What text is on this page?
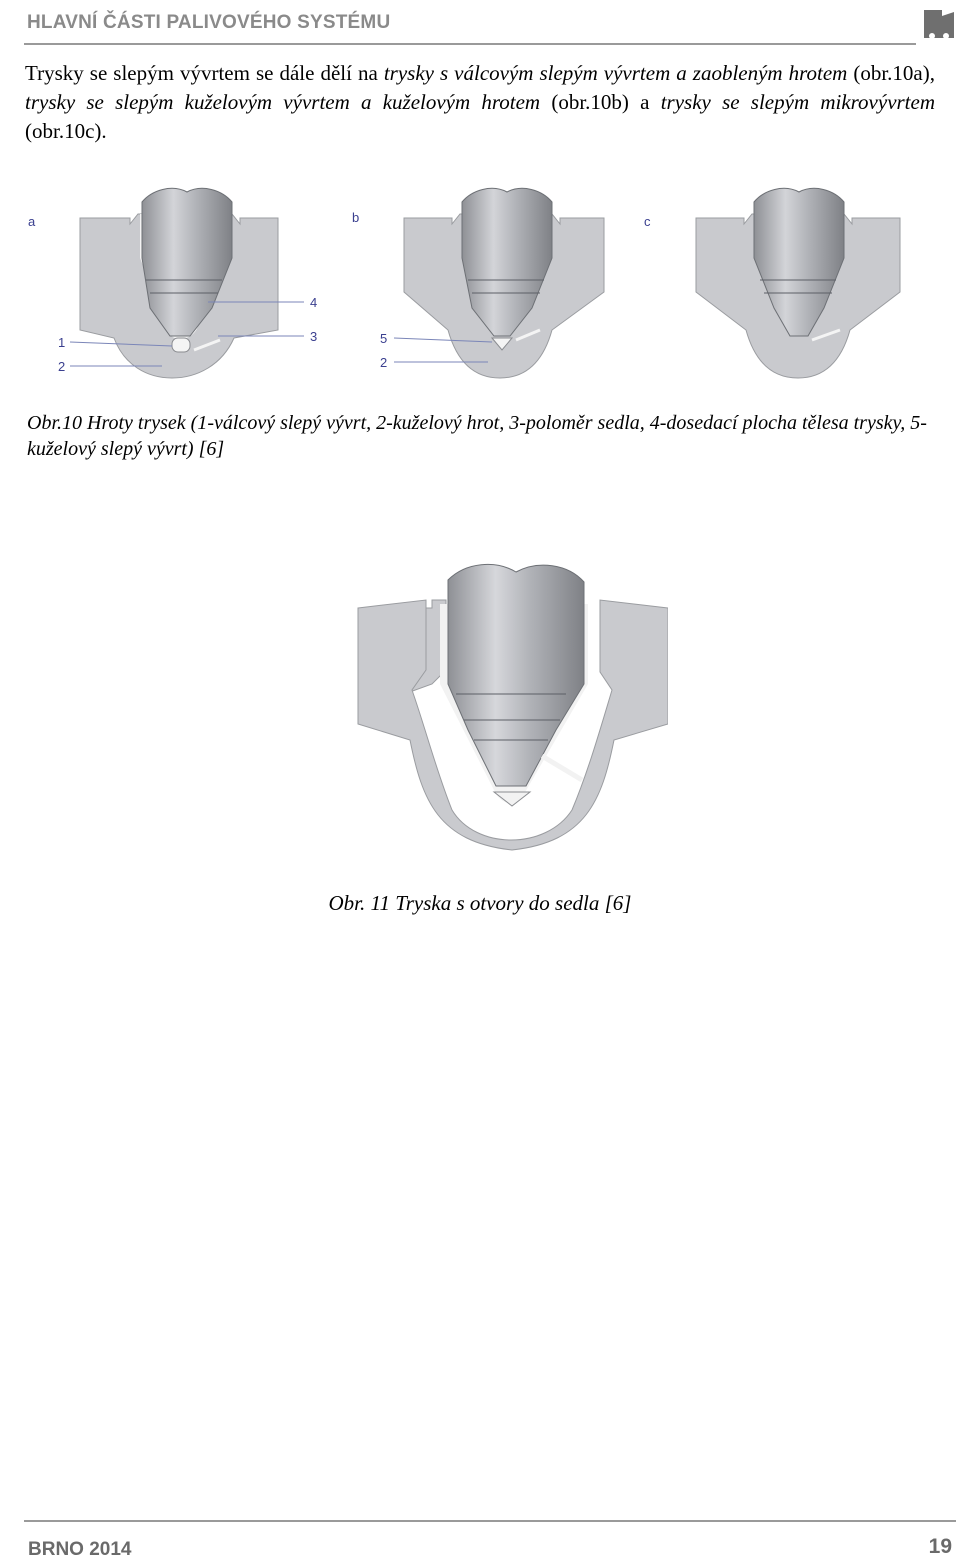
HLAVNÍ ČÁSTI PALIVOVÉHO SYSTÉMU

Trysky se slepým vývrtem se dále dělí na trysky s válcovým slepým vývrtem a zaobleným hrotem (obr.10a), trysky se slepým kuželovým vývrtem a kuželovým hrotem (obr.10b) a trysky se slepým mikrovývrtem (obr.10c).

a	b	c
1
2
3
4
5
2
Obr.10 Hroty trysek (1-válcový slepý vývrt, 2-kuželový hrot, 3-poloměr sedla, 4-dosedací plocha tělesa trysky, 5-kuželový slepý vývrt) [6]
Obr. 11 Tryska s otvory do sedla [6]
BRNO 2014	19
